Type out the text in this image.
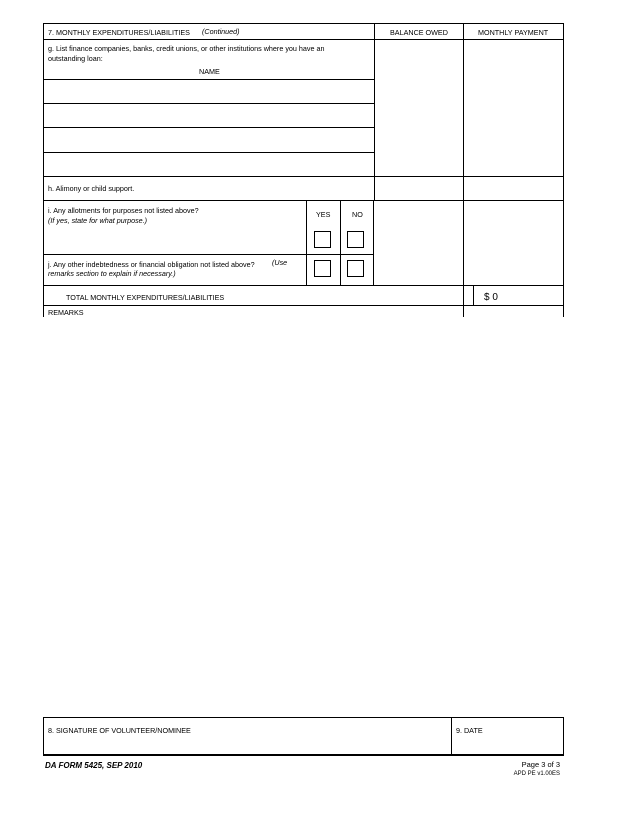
7. MONTHLY EXPENDITURES/LIABILITIES (Continued)	BALANCE OWED	MONTHLY PAYMENT
g. List finance companies, banks, credit unions, or other institutions where you have an
outstanding loan:
NAME
h. Alimony or child support.
i. Any allotments for purposes not listed above?
(If yes, state for what purpose.)
YES	NO
j. Any other indebtedness or financial obligation not listed above? (Use
remarks section to explain if necessary.)
TOTAL MONTHLY EXPENDITURES/LIABILITIES	$ 0
REMARKS
8. SIGNATURE OF VOLUNTEER/NOMINEE	9. DATE
DA FORM 5425, SEP 2010	Page 3 of 3
APD PE v1.00ES
